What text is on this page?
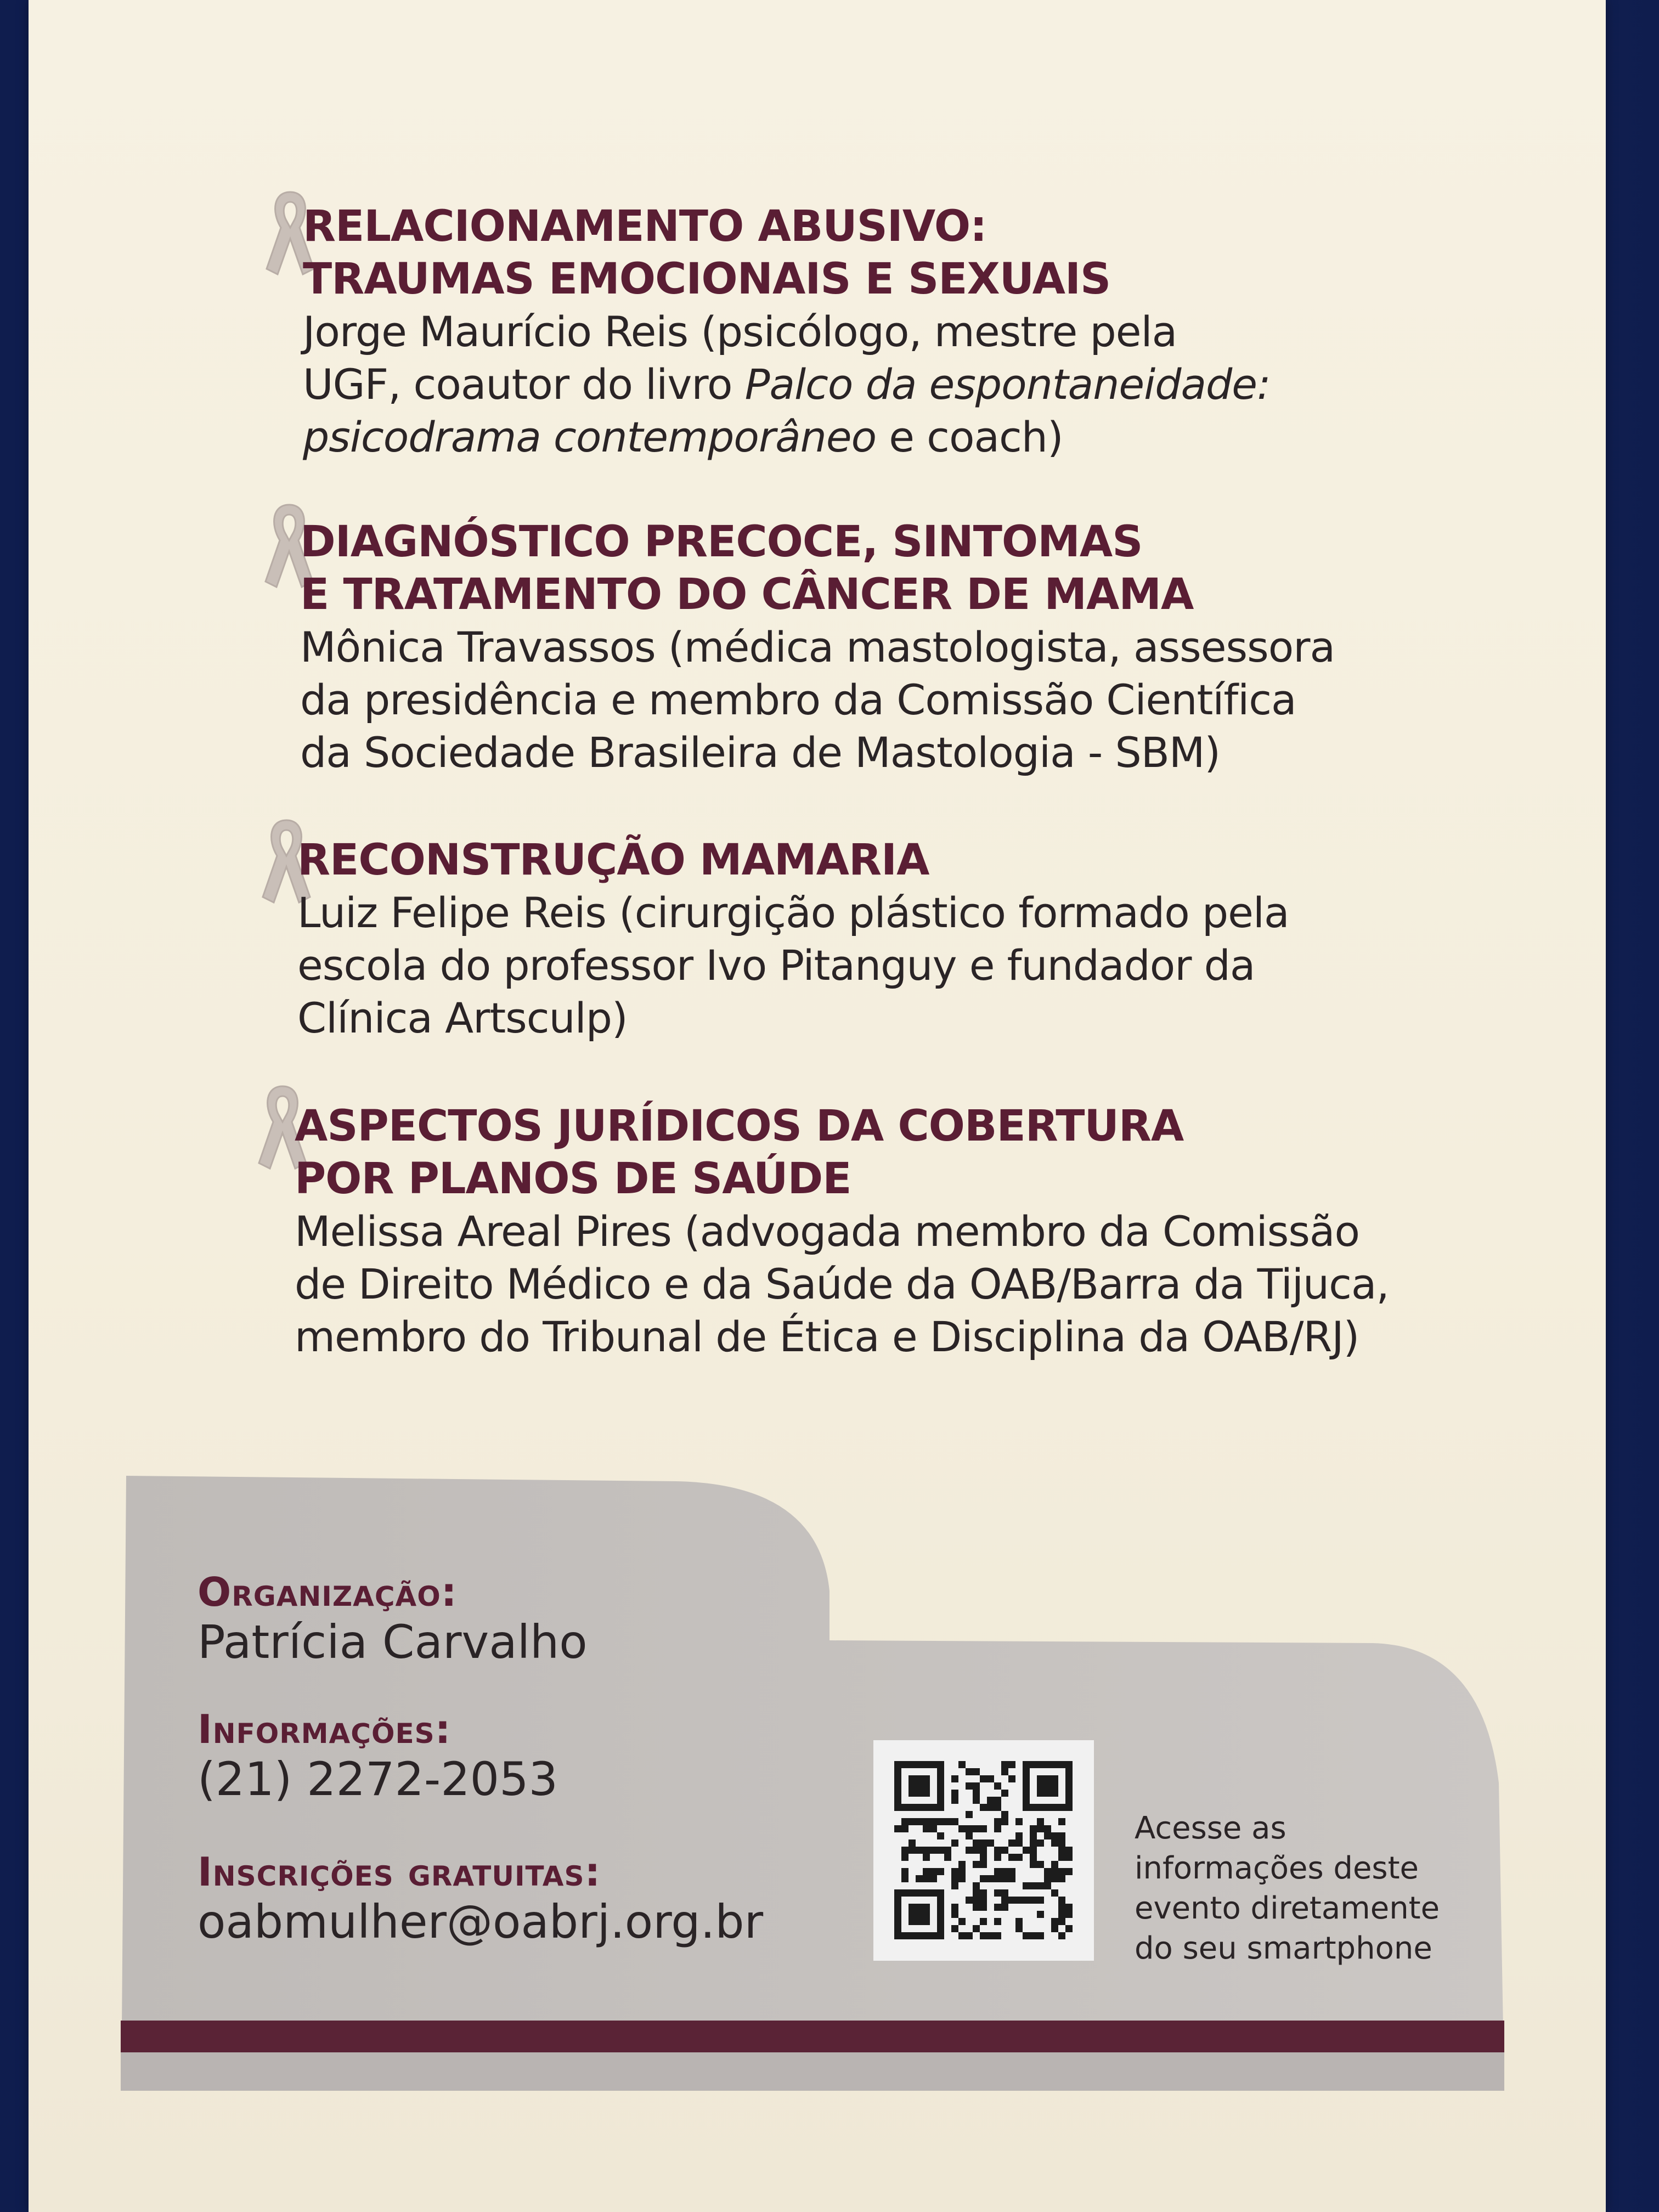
RELACIONAMENTO ABUSIVO:
TRAUMAS EMOCIONAIS E SEXUAIS
Jorge Maurício Reis (psicólogo, mestre pela
UGF, coautor do livro Palco da espontaneidade:
psicodrama contemporâneo e coach)
DIAGNÓSTICO PRECOCE, SINTOMAS
E TRATAMENTO DO CÂNCER DE MAMA
Mônica Travassos (médica mastologista, assessora
da presidência e membro da Comissão Científica
da Sociedade Brasileira de Mastologia - SBM)
RECONSTRUÇÃO MAMARIA
Luiz Felipe Reis (cirurgição plástico formado pela
escola do professor Ivo Pitanguy e fundador da
Clínica Artsculp)
ASPECTOS JURÍDICOS DA COBERTURA
POR PLANOS DE SAÚDE
Melissa Areal Pires (advogada membro da Comissão
de Direito Médico e da Saúde da OAB/Barra da Tijuca,
membro do Tribunal de Ética e Disciplina da OAB/RJ)
Organização:
Patrícia Carvalho
Informações:
(21) 2272-2053
Inscrições gratuitas:
oabmulher@oabrj.org.br
Acesse as
informações deste
evento diretamente
do seu smartphone
